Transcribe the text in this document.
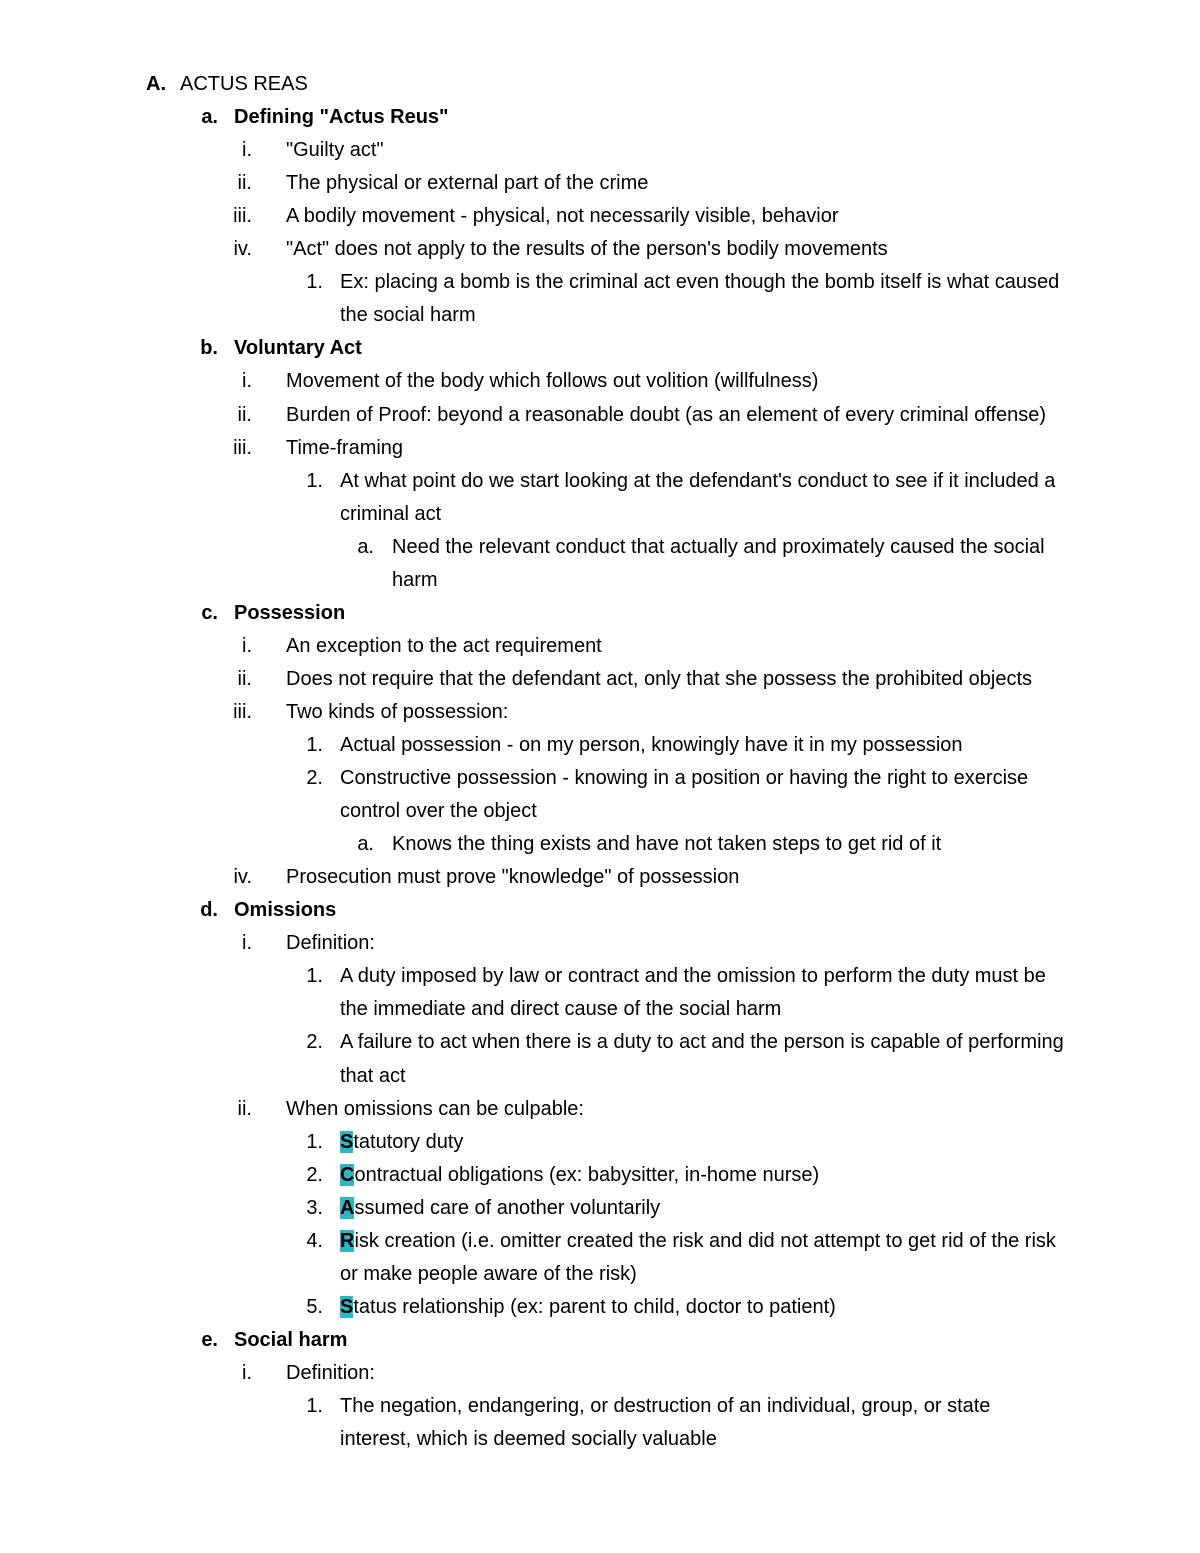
A. ACTUS REAS
a. Defining "Actus Reus"
i. "Guilty act"
ii. The physical or external part of the crime
iii. A bodily movement - physical, not necessarily visible, behavior
iv. "Act" does not apply to the results of the person's bodily movements
1. Ex: placing a bomb is the criminal act even though the bomb itself is what caused
the social harm
b. Voluntary Act
i. Movement of the body which follows out volition (willfulness)
ii. Burden of Proof: beyond a reasonable doubt (as an element of every criminal offense)
iii. Time-framing
1. At what point do we start looking at the defendant's conduct to see if it included a
criminal act
a. Need the relevant conduct that actually and proximately caused the social
harm
c. Possession
i. An exception to the act requirement
ii. Does not require that the defendant act, only that she possess the prohibited objects
iii. Two kinds of possession:
1. Actual possession - on my person, knowingly have it in my possession
2. Constructive possession - knowing in a position or having the right to exercise
control over the object
a. Knows the thing exists and have not taken steps to get rid of it
iv. Prosecution must prove "knowledge" of possession
d. Omissions
i. Definition:
1. A duty imposed by law or contract and the omission to perform the duty must be
the immediate and direct cause of the social harm
2. A failure to act when there is a duty to act and the person is capable of performing
that act
ii. When omissions can be culpable:
1. Statutory duty
2. Contractual obligations (ex: babysitter, in-home nurse)
3. Assumed care of another voluntarily
4. Risk creation (i.e. omitter created the risk and did not attempt to get rid of the risk
or make people aware of the risk)
5. Status relationship (ex: parent to child, doctor to patient)
e. Social harm
i. Definition:
1. The negation, endangering, or destruction of an individual, group, or state
interest, which is deemed socially valuable
